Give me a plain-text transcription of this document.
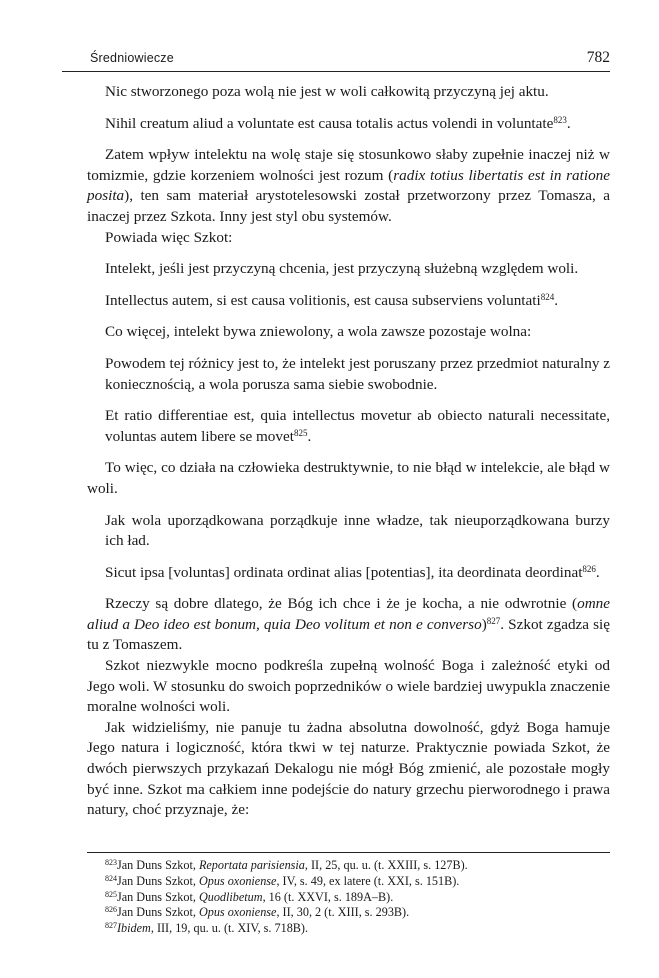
Średniowiecze	782

Nic stworzonego poza wolą nie jest w woli całkowitą przyczyną jej aktu.

Nihil creatum aliud a voluntate est causa totalis actus volendi in voluntate$^{823}$.

Zatem wpływ intelektu na wolę staje się stosunkowo słaby zupełnie inaczej niż w tomizmie, gdzie korzeniem wolności jest rozum (radix totius libertatis est in ratione posita), ten sam materiał arystotelesowski został przetworzony przez Tomasza, a inaczej przez Szkota. Inny jest styl obu systemów.

Powiada więc Szkot:

Intelekt, jeśli jest przyczyną chcenia, jest przyczyną służebną względem woli.

Intellectus autem, si est causa volitionis, est causa subserviens voluntati$^{824}$.

Co więcej, intelekt bywa zniewolony, a wola zawsze pozostaje wolna:

Powodem tej różnicy jest to, że intelekt jest poruszany przez przedmiot naturalny z koniecznością, a wola porusza sama siebie swobodnie.

Et ratio differentiae est, quia intellectus movetur ab obiecto naturali necessitate, voluntas autem libere se movet$^{825}$.

To więc, co działa na człowieka destruktywnie, to nie błąd w intelekcie, ale błąd w woli.

Jak wola uporządkowana porządkuje inne władze, tak nieuporządkowana burzy ich ład.

Sicut ipsa [voluntas] ordinata ordinat alias [potentias], ita deordinata deordinat$^{826}$.

Rzeczy są dobre dlatego, że Bóg ich chce i że je kocha, a nie odwrotnie (omne aliud a Deo ideo est bonum, quia Deo volitum et non e converso)$^{827}$. Szkot zgadza się tu z Tomaszem.

Szkot niezwykle mocno podkreśla zupełną wolność Boga i zależność etyki od Jego woli. W stosunku do swoich poprzedników o wiele bardziej uwypukla znaczenie moralne wolności woli.

Jak widzieliśmy, nie panuje tu żadna absolutna dowolność, gdyż Boga hamuje Jego natura i logiczność, która tkwi w tej naturze. Praktycznie powiada Szkot, że dwóch pierwszych przykazań Dekalogu nie mógł Bóg zmienić, ale pozostałe mogły być inne. Szkot ma całkiem inne podejście do natury grzechu pierworodnego i prawa natury, choć przyznaje, że:

$^{823}$Jan Duns Szkot, Reportata parisiensia, II, 25, qu. u. (t. XXIII, s. 127B).

$^{824}$Jan Duns Szkot, Opus oxoniense, IV, s. 49, ex latere (t. XXI, s. 151B).

$^{825}$Jan Duns Szkot, Quodlibetum, 16 (t. XXVI, s. 189A–B).

$^{826}$Jan Duns Szkot, Opus oxoniense, II, 30, 2 (t. XIII, s. 293B).

$^{827}$Ibidem, III, 19, qu. u. (t. XIV, s. 718B).
